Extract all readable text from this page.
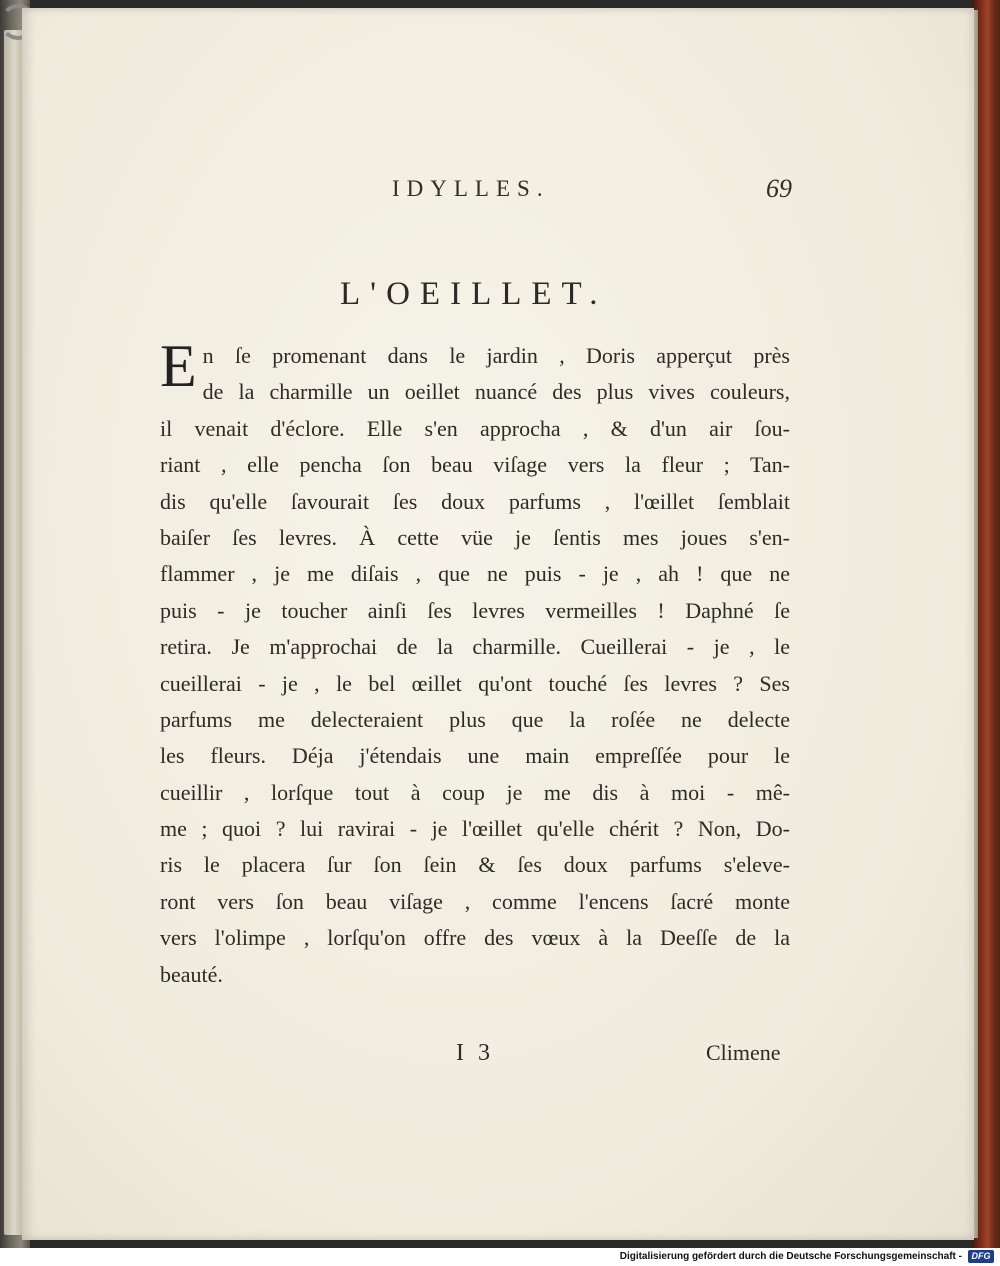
IDYLLES.	69
L'OEILLET.
E n ſe promenant dans le jardin , Doris apperçut près
de la charmille un oeillet nuancé des plus vives couleurs,
il venait d'éclore. Elle s'en approcha , & d'un air ſou-
riant , elle pencha ſon beau viſage vers la fleur ; Tan-
dis qu'elle ſavourait ſes doux parfums , l'œillet ſemblait
baiſer ſes levres. À cette vüe je ſentis mes joues s'en-
flammer , je me diſais , que ne puis - je , ah ! que ne
puis - je toucher ainſi ſes levres vermeilles ! Daphné ſe
retira. Je m'approchai de la charmille. Cueillerai - je , le
cueillerai - je , le bel œillet qu'ont touché ſes levres ? Ses
parfums me delecteraient plus que la roſée ne delecte
les fleurs. Déja j'étendais une main empreſſée pour le
cueillir , lorſque tout à coup je me dis à moi - mê-
me ; quoi ? lui ravirai - je l'œillet qu'elle chérit ? Non, Do-
ris le placera ſur ſon ſein & ſes doux parfums s'eleve-
ront vers ſon beau viſage , comme l'encens ſacré monte
vers l'olimpe , lorſqu'on offre des vœux à la Deeſſe de la
beauté.
I 3	Climene
Digitalisierung gefördert durch die Deutsche Forschungsgemeinschaft -	DFG
